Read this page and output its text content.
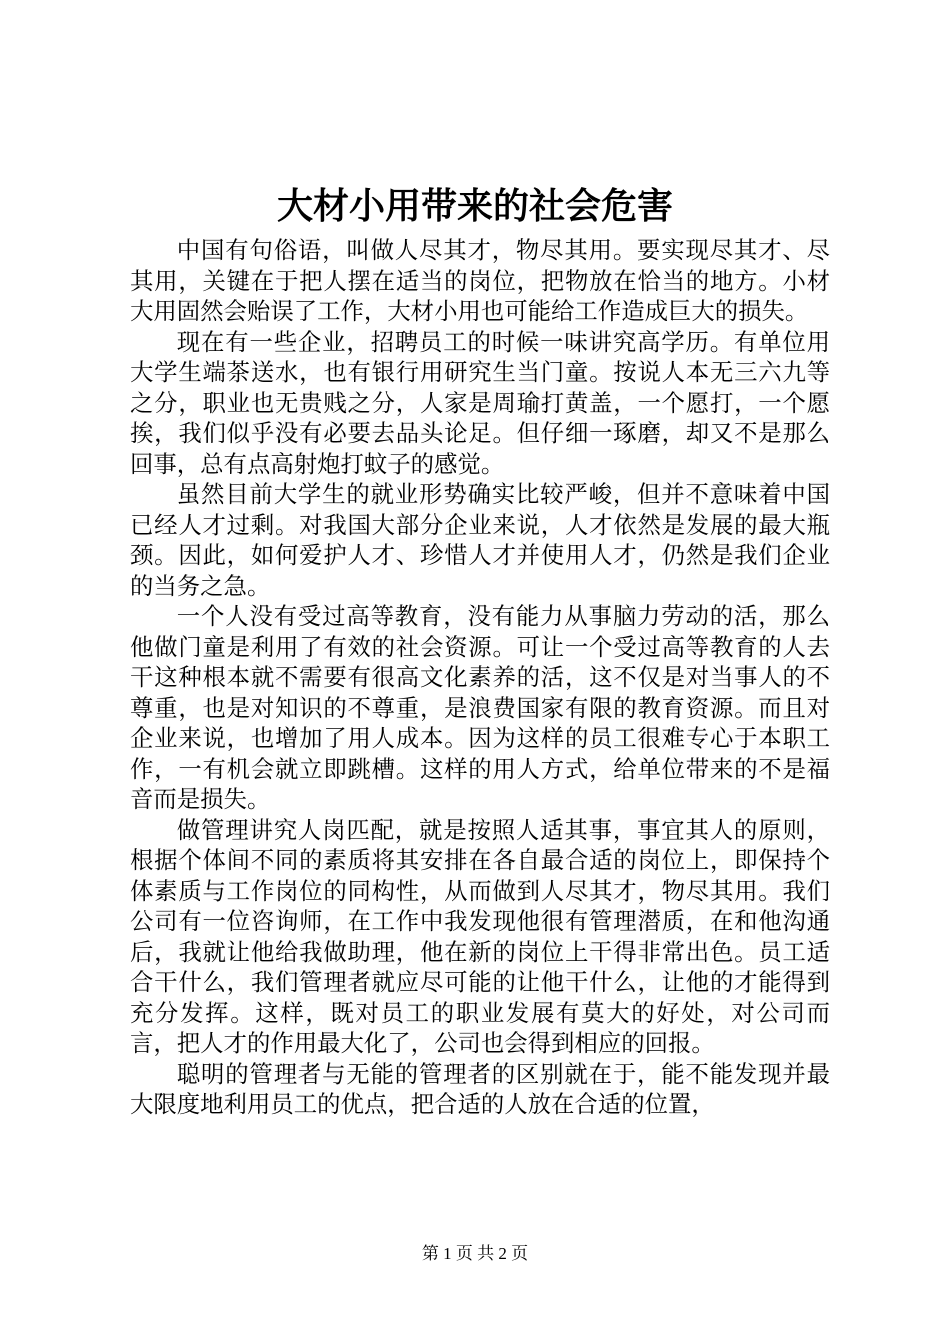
大材小用带来的社会危害

中国有句俗语，叫做人尽其才，物尽其用。要实现尽其才、尽其用，关键在于把人摆在适当的岗位，把物放在恰当的地方。小材大用固然会贻误了工作，大材小用也可能给工作造成巨大的损失。

现在有一些企业，招聘员工的时候一味讲究高学历。有单位用大学生端茶送水，也有银行用研究生当门童。按说人本无三六九等之分，职业也无贵贱之分，人家是周瑜打黄盖，一个愿打，一个愿挨，我们似乎没有必要去品头论足。但仔细一琢磨，却又不是那么回事，总有点高射炮打蚊子的感觉。

虽然目前大学生的就业形势确实比较严峻，但并不意味着中国已经人才过剩。对我国大部分企业来说，人才依然是发展的最大瓶颈。因此，如何爱护人才、珍惜人才并使用人才，仍然是我们企业的当务之急。

一个人没有受过高等教育，没有能力从事脑力劳动的活，那么他做门童是利用了有效的社会资源。可让一个受过高等教育的人去干这种根本就不需要有很高文化素养的活，这不仅是对当事人的不尊重，也是对知识的不尊重，是浪费国家有限的教育资源。而且对企业来说，也增加了用人成本。因为这样的员工很难专心于本职工作，一有机会就立即跳槽。这样的用人方式，给单位带来的不是福音而是损失。

做管理讲究人岗匹配，就是按照人适其事，事宜其人的原则，根据个体间不同的素质将其安排在各自最合适的岗位上，即保持个体素质与工作岗位的同构性，从而做到人尽其才，物尽其用。我们公司有一位咨询师，在工作中我发现他很有管理潜质，在和他沟通后，我就让他给我做助理，他在新的岗位上干得非常出色。员工适合干什么，我们管理者就应尽可能的让他干什么，让他的才能得到充分发挥。这样，既对员工的职业发展有莫大的好处，对公司而言，把人才的作用最大化了，公司也会得到相应的回报。

聪明的管理者与无能的管理者的区别就在于，能不能发现并最大限度地利用员工的优点，把合适的人放在合适的位置，

第 1 页 共 2 页
